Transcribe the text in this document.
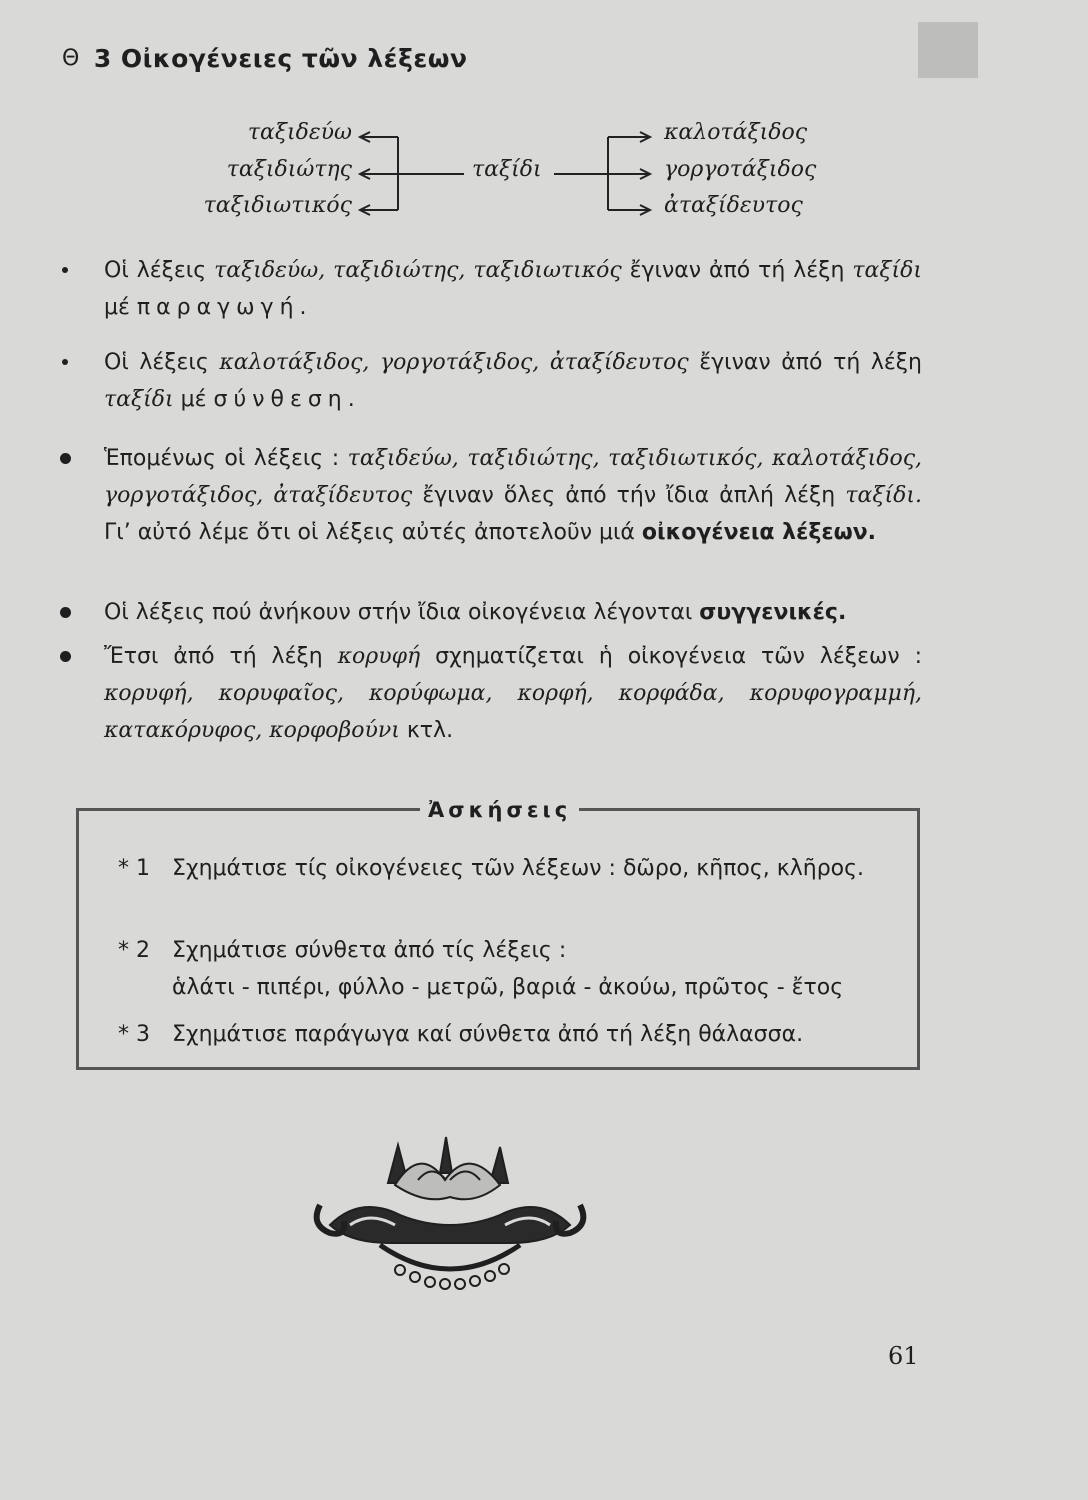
Θ 3 Οἰκογένειες τῶν λέξεων
ταξιδεύω
ταξιδιώτης
ταξιδιωτικός
ταξίδι
καλοτάξιδος
γοργοτάξιδος
ἀταξίδευτος
Οἱ λέξεις ταξιδεύω, ταξιδιώτης, ταξιδιωτικός ἔγιναν ἀπό τή λέξη ταξίδι μέ παραγωγή.
Οἱ λέξεις καλοτάξιδος, γοργοτάξιδος, ἀταξίδευτος ἔγιναν ἀπό τή λέξη ταξίδι μέ σύνθεση.
Ἑπομένως οἱ λέξεις : ταξιδεύω, ταξιδιώτης, ταξιδιωτικός, καλοτάξιδος, γοργοτάξιδος, ἀταξίδευτος ἔγιναν ὅλες ἀπό τήν ἴδια ἀπλή λέξη ταξίδι. Γι’ αὐτό λέμε ὅτι οἱ λέξεις αὐτές ἀποτελοῦν μιά οἰκογένεια λέξεων.
Οἱ λέξεις πού ἀνήκουν στήν ἴδια οἰκογένεια λέγονται συγγενικές.
Ἔτσι ἀπό τή λέξη κορυφή σχηματίζεται ἡ οἰκογένεια τῶν λέξεων : κορυφή, κορυφαῖος, κορύφωμα, κορφή, κορφάδα, κορυφογραμμή, κατακόρυφος, κορφοβούνι κτλ.
Ἀσκήσεις
* 1 Σχημάτισε τίς οἰκογένειες τῶν λέξεων : δῶρο, κῆπος, κλῆρος.
* 2 Σχημάτισε σύνθετα ἀπό τίς λέξεις :
ἁλάτι - πιπέρι, φύλλο - μετρῶ, βαριά - ἀκούω, πρῶτος - ἔτος
* 3 Σχημάτισε παράγωγα καί σύνθετα ἀπό τή λέξη θάλασσα.
61
